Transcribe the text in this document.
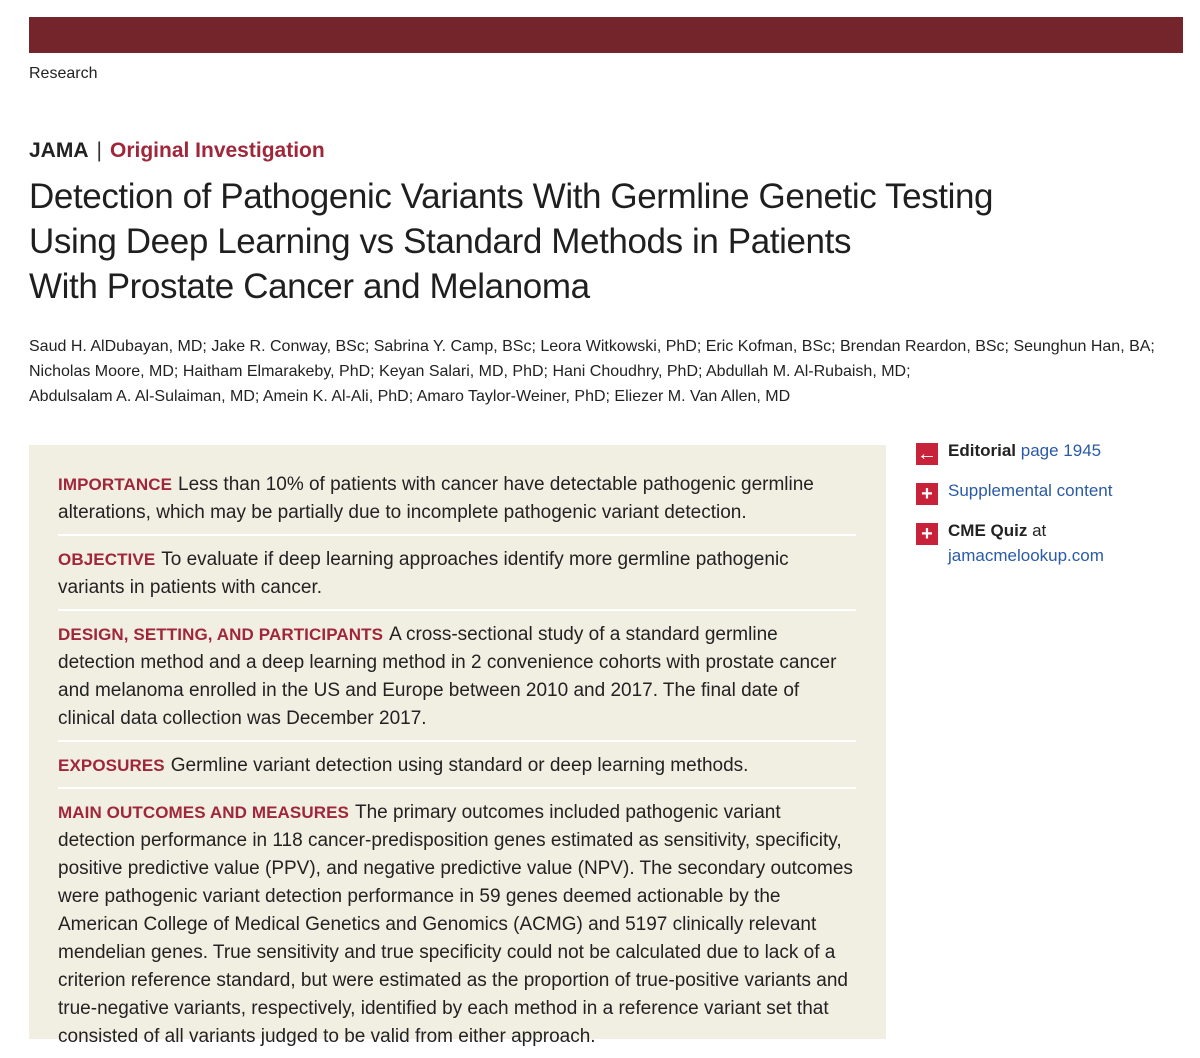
Research
JAMA | Original Investigation
Detection of Pathogenic Variants With Germline Genetic Testing
Using Deep Learning vs Standard Methods in Patients
With Prostate Cancer and Melanoma
Saud H. AlDubayan, MD; Jake R. Conway, BSc; Sabrina Y. Camp, BSc; Leora Witkowski, PhD; Eric Kofman, BSc; Brendan Reardon, BSc; Seunghun Han, BA;
Nicholas Moore, MD; Haitham Elmarakeby, PhD; Keyan Salari, MD, PhD; Hani Choudhry, PhD; Abdullah M. Al-Rubaish, MD;
Abdulsalam A. Al-Sulaiman, MD; Amein K. Al-Ali, PhD; Amaro Taylor-Weiner, PhD; Eliezer M. Van Allen, MD
IMPORTANCE Less than 10% of patients with cancer have detectable pathogenic germline alterations, which may be partially due to incomplete pathogenic variant detection.
OBJECTIVE To evaluate if deep learning approaches identify more germline pathogenic variants in patients with cancer.
DESIGN, SETTING, AND PARTICIPANTS A cross-sectional study of a standard germline detection method and a deep learning method in 2 convenience cohorts with prostate cancer and melanoma enrolled in the US and Europe between 2010 and 2017. The final date of clinical data collection was December 2017.
EXPOSURES Germline variant detection using standard or deep learning methods.
MAIN OUTCOMES AND MEASURES The primary outcomes included pathogenic variant detection performance in 118 cancer-predisposition genes estimated as sensitivity, specificity, positive predictive value (PPV), and negative predictive value (NPV). The secondary outcomes were pathogenic variant detection performance in 59 genes deemed actionable by the American College of Medical Genetics and Genomics (ACMG) and 5197 clinically relevant mendelian genes. True sensitivity and true specificity could not be calculated due to lack of a criterion reference standard, but were estimated as the proportion of true-positive variants and true-negative variants, respectively, identified by each method in a reference variant set that consisted of all variants judged to be valid from either approach.
← Editorial page 1945
+ Supplemental content
+ CME Quiz at
jamacmelookup.com
